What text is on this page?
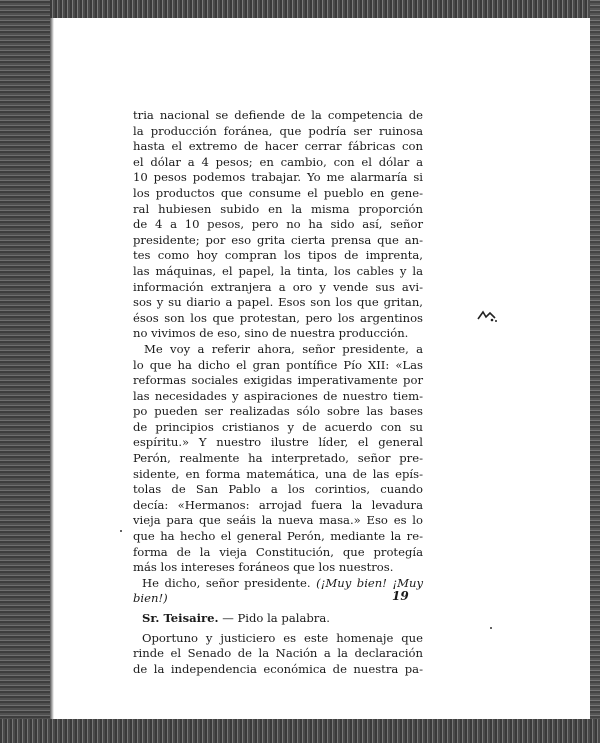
tria nacional se defiende de la competencia de
la producción foránea, que podría ser ruinosa
hasta el extremo de hacer cerrar fábricas con
el dólar a 4 pesos; en cambio, con el dólar a
10 pesos podemos trabajar. Yo me alarmaría si
los productos que consume el pueblo en gene-
ral hubiesen subido en la misma proporción
de 4 a 10 pesos, pero no ha sido así, señor
presidente; por eso grita cierta prensa que an-
tes como hoy compran los tipos de imprenta,
las máquinas, el papel, la tinta, los cables y la
información extranjera a oro y vende sus avi-
sos y su diario a papel. Esos son los que gritan,
ésos son los que protestan, pero los argentinos
no vivimos de eso, sino de nuestra producción.
Me voy a referir ahora, señor presidente, a
lo que ha dicho el gran pontífice Pío XII: «Las
reformas sociales exigidas imperativamente por
las necesidades y aspiraciones de nuestro tiem-
po pueden ser realizadas sólo sobre las bases
de principios cristianos y de acuerdo con su
espíritu.» Y nuestro ilustre líder, el general
Perón, realmente ha interpretado, señor pre-
sidente, en forma matemática, una de las epís-
tolas de San Pablo a los corintios, cuando
decía: «Hermanos: arrojad fuera la levadura
vieja para que seáis la nueva masa.» Eso es lo
que ha hecho el general Perón, mediante la re-
forma de la vieja Constitución, que protegía
más los intereses foráneos que los nuestros.
He dicho, señor presidente. (¡Muy bien! ¡Muy
bien!)
Sr. Teisaire. — Pido la palabra.
Oportuno y justiciero es este homenaje que
rinde el Senado de la Nación a la declaración
de la independencia económica de nuestra pa-
19
